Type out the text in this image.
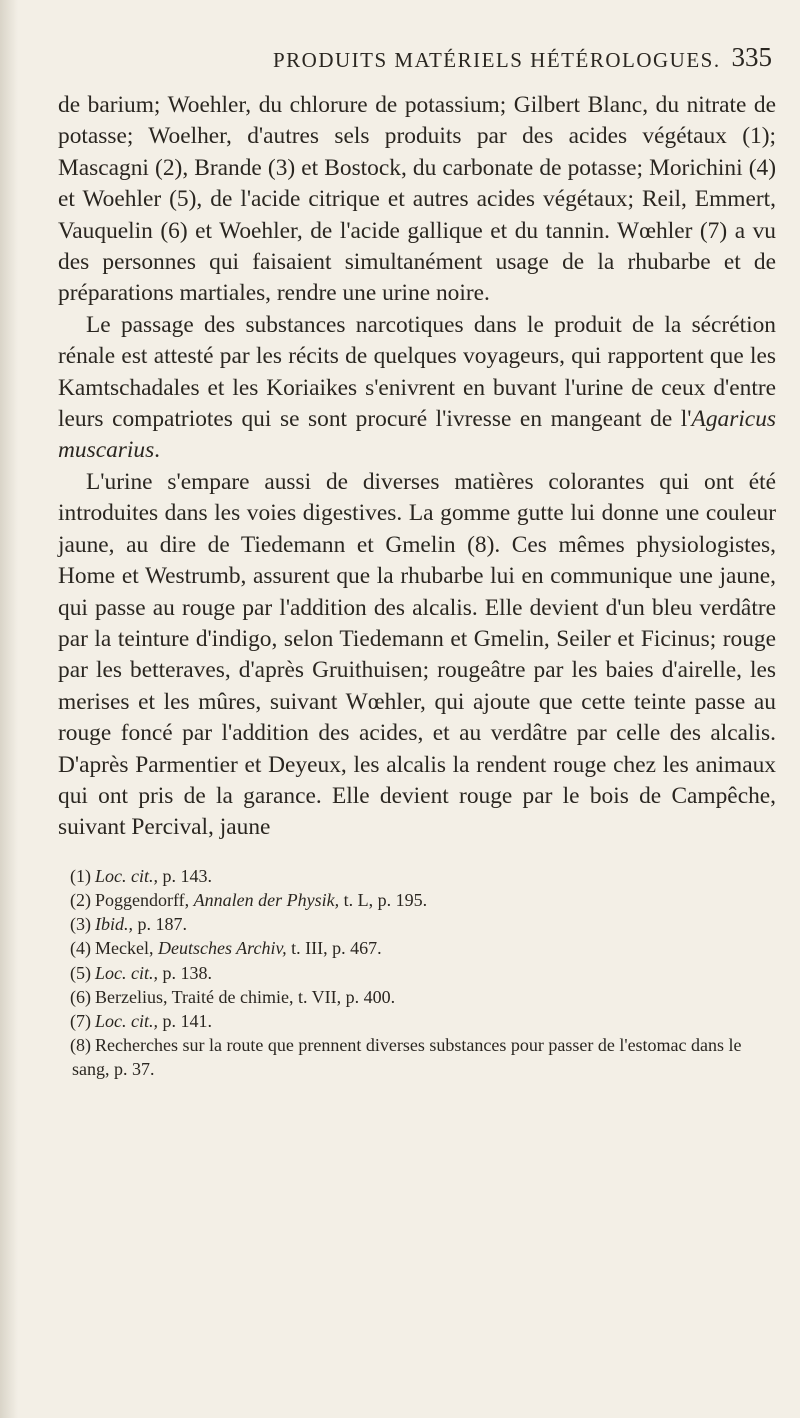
PRODUITS MATÉRIELS HÉTÉROLOGUES. 335

de barium; Woehler, du chlorure de potassium; Gilbert Blanc, du nitrate de potasse; Woelher, d'autres sels produits par des acides végétaux (1); Mascagni (2), Brande (3) et Bostock, du carbonate de potasse; Morichini (4) et Woehler (5), de l'acide citrique et autres acides végétaux; Reil, Emmert, Vauquelin (6) et Woehler, de l'acide gallique et du tannin. Wœhler (7) a vu des personnes qui faisaient simultanément usage de la rhubarbe et de préparations martiales, rendre une urine noire.

Le passage des substances narcotiques dans le produit de la sécrétion rénale est attesté par les récits de quelques voyageurs, qui rapportent que les Kamtschadales et les Koriaikes s'enivrent en buvant l'urine de ceux d'entre leurs compatriotes qui se sont procuré l'ivresse en mangeant de l'Agaricus muscarius.

L'urine s'empare aussi de diverses matières colorantes qui ont été introduites dans les voies digestives. La gomme gutte lui donne une couleur jaune, au dire de Tiedemann et Gmelin (8). Ces mêmes physiologistes, Home et Westrumb, assurent que la rhubarbe lui en communique une jaune, qui passe au rouge par l'addition des alcalis. Elle devient d'un bleu verdâtre par la teinture d'indigo, selon Tiedemann et Gmelin, Seiler et Ficinus; rouge par les betteraves, d'après Gruithuisen; rougeâtre par les baies d'airelle, les merises et les mûres, suivant Wœhler, qui ajoute que cette teinte passe au rouge foncé par l'addition des acides, et au verdâtre par celle des alcalis. D'après Parmentier et Deyeux, les alcalis la rendent rouge chez les animaux qui ont pris de la garance. Elle devient rouge par le bois de Campêche, suivant Percival, jaune

(1) Loc. cit., p. 143.
(2) Poggendorff, Annalen der Physik, t. L, p. 195.
(3) Ibid., p. 187.
(4) Meckel, Deutsches Archiv, t. III, p. 467.
(5) Loc. cit., p. 138.
(6) Berzelius, Traité de chimie, t. VII, p. 400.
(7) Loc. cit., p. 141.
(8) Recherches sur la route que prennent diverses substances pour passer de l'estomac dans le sang, p. 37.
